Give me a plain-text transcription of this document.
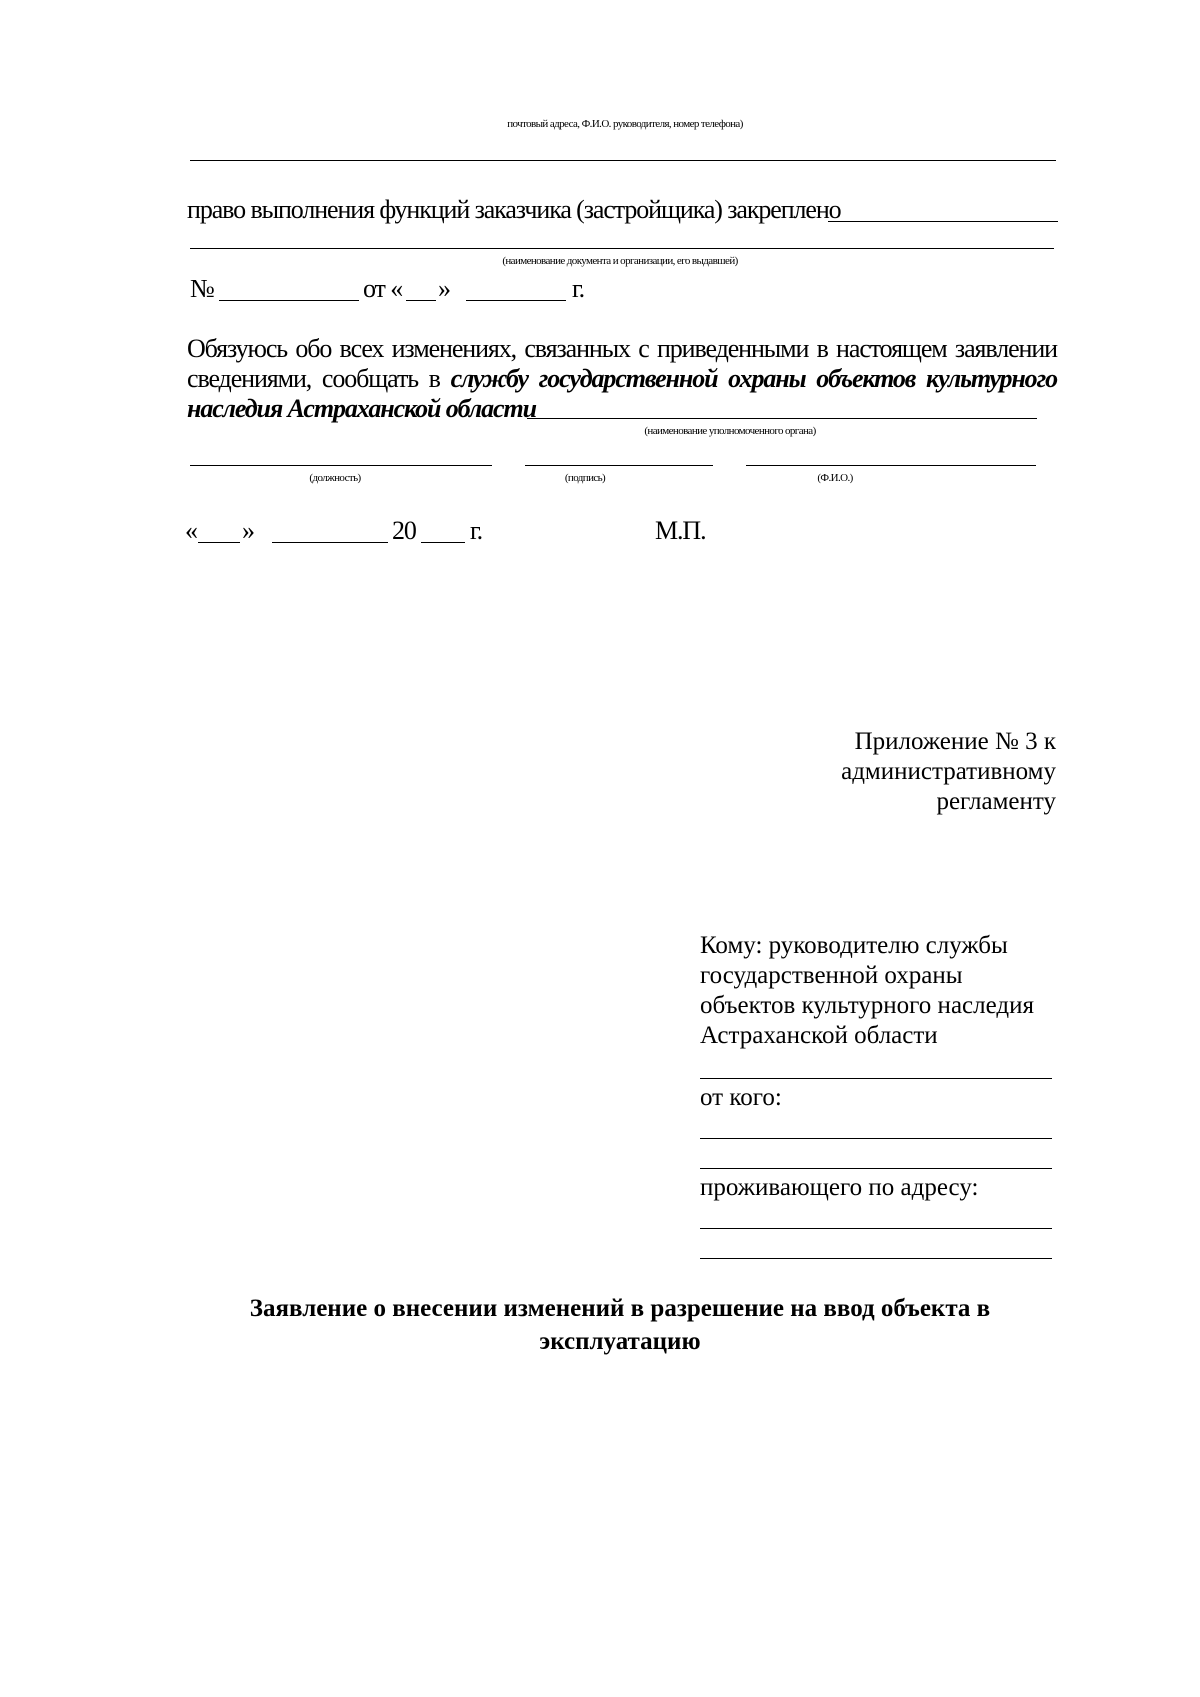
почтовый адреса, Ф.И.О. руководителя, номер телефона)
право выполнения функций заказчика (застройщика) закреплено
(наименование документа и организации, его выдавшей)
№	от « »	г.
Обязуюсь обо всех изменениях, связанных с приведенными в настоящем заявлении
сведениями, сообщать в службу государственной охраны объектов культурного
наследия Астраханской области
(наименование уполномоченного органа)
(должность)	(подпись)	(Ф.И.О.)
« »	20 г.	М.П.
Приложение № 3 к
административному
регламенту
Кому: руководителю службы
государственной охраны
объектов культурного наследия
Астраханской области
от кого:
проживающего по адресу:
Заявление о внесении изменений в разрешение на ввод объекта в
эксплуатацию
